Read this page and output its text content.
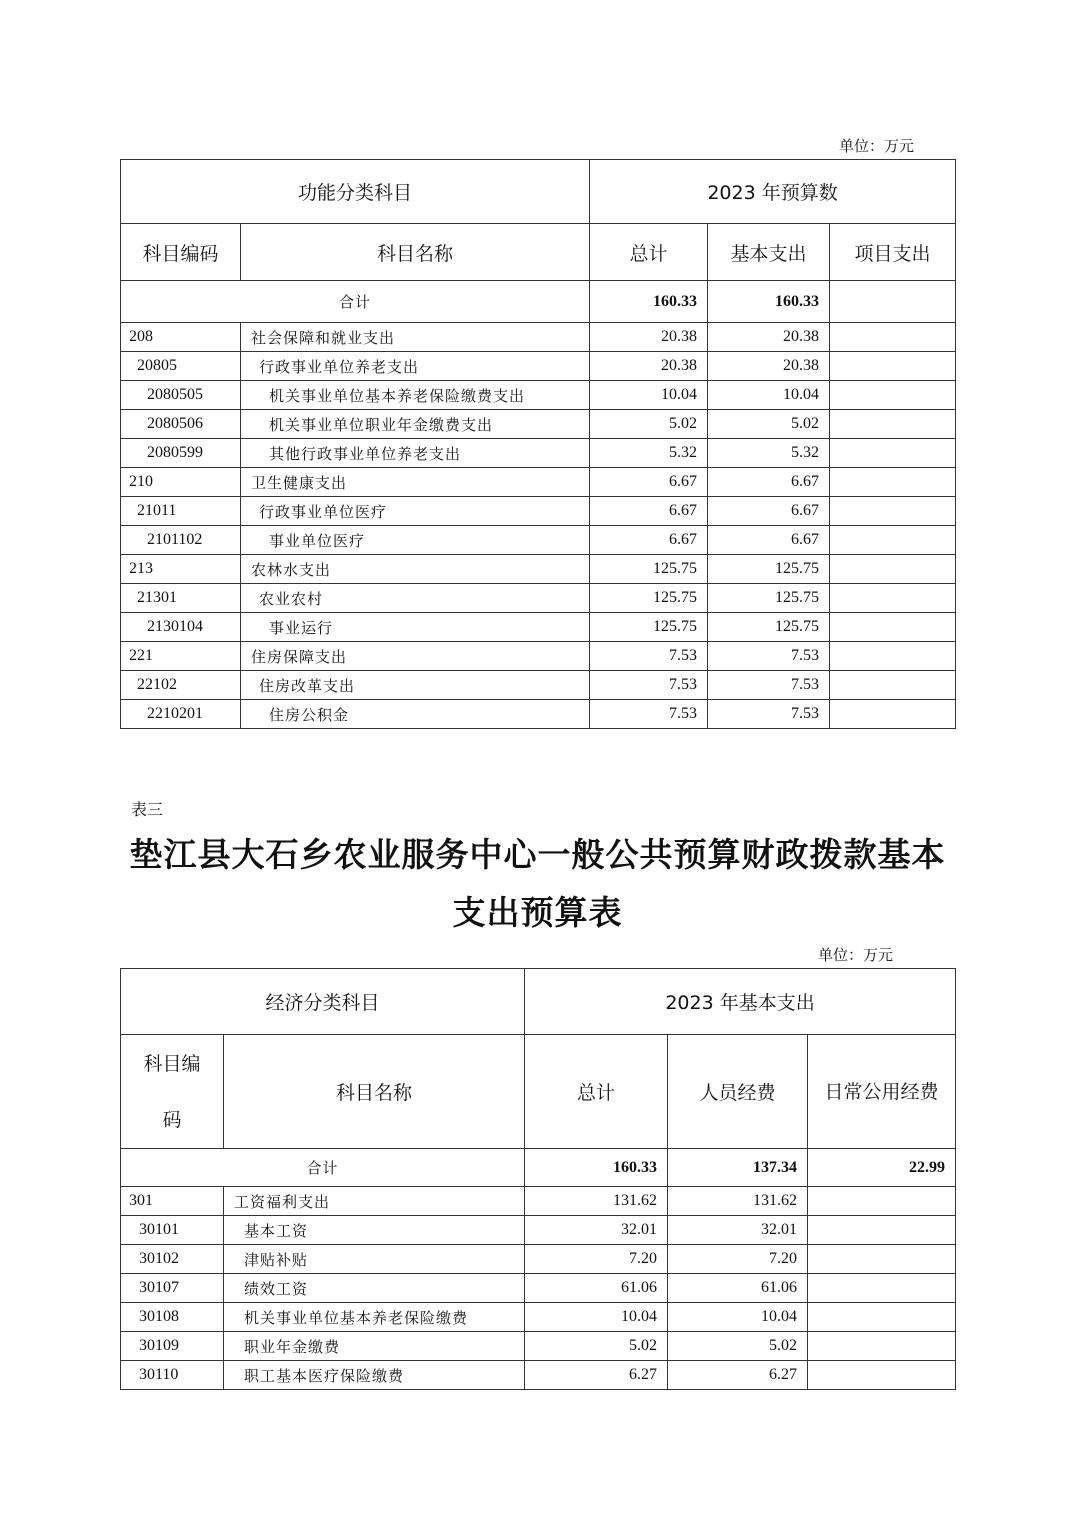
单位：万元
功能分类科目		2023 年预算数		
科目编码	科目名称	总计	基本支出	项目支出
合计		160.33	160.33	
208	社会保障和就业支出	20.38	20.38	
20805	行政事业单位养老支出	20.38	20.38	
2080505	机关事业单位基本养老保险缴费支出	10.04	10.04	
2080506	机关事业单位职业年金缴费支出	5.02	5.02	
2080599	其他行政事业单位养老支出	5.32	5.32	
210	卫生健康支出	6.67	6.67	
21011	行政事业单位医疗	6.67	6.67	
2101102	事业单位医疗	6.67	6.67	
213	农林水支出	125.75	125.75	
21301	农业农村	125.75	125.75	
2130104	事业运行	125.75	125.75	
221	住房保障支出	7.53	7.53	
22102	住房改革支出	7.53	7.53	
2210201	住房公积金	7.53	7.53	
表三
垫江县大石乡农业服务中心一般公共预算财政拨款基本支出预算表
单位：万元
经济分类科目		2023 年基本支出		
科目编码	科目名称	总计	人员经费	日常公用经费
合计		160.33	137.34	22.99
301	工资福利支出	131.62	131.62	
30101	基本工资	32.01	32.01	
30102	津贴补贴	7.20	7.20	
30107	绩效工资	61.06	61.06	
30108	机关事业单位基本养老保险缴费	10.04	10.04	
30109	职业年金缴费	5.02	5.02	
30110	职工基本医疗保险缴费	6.27	6.27	
